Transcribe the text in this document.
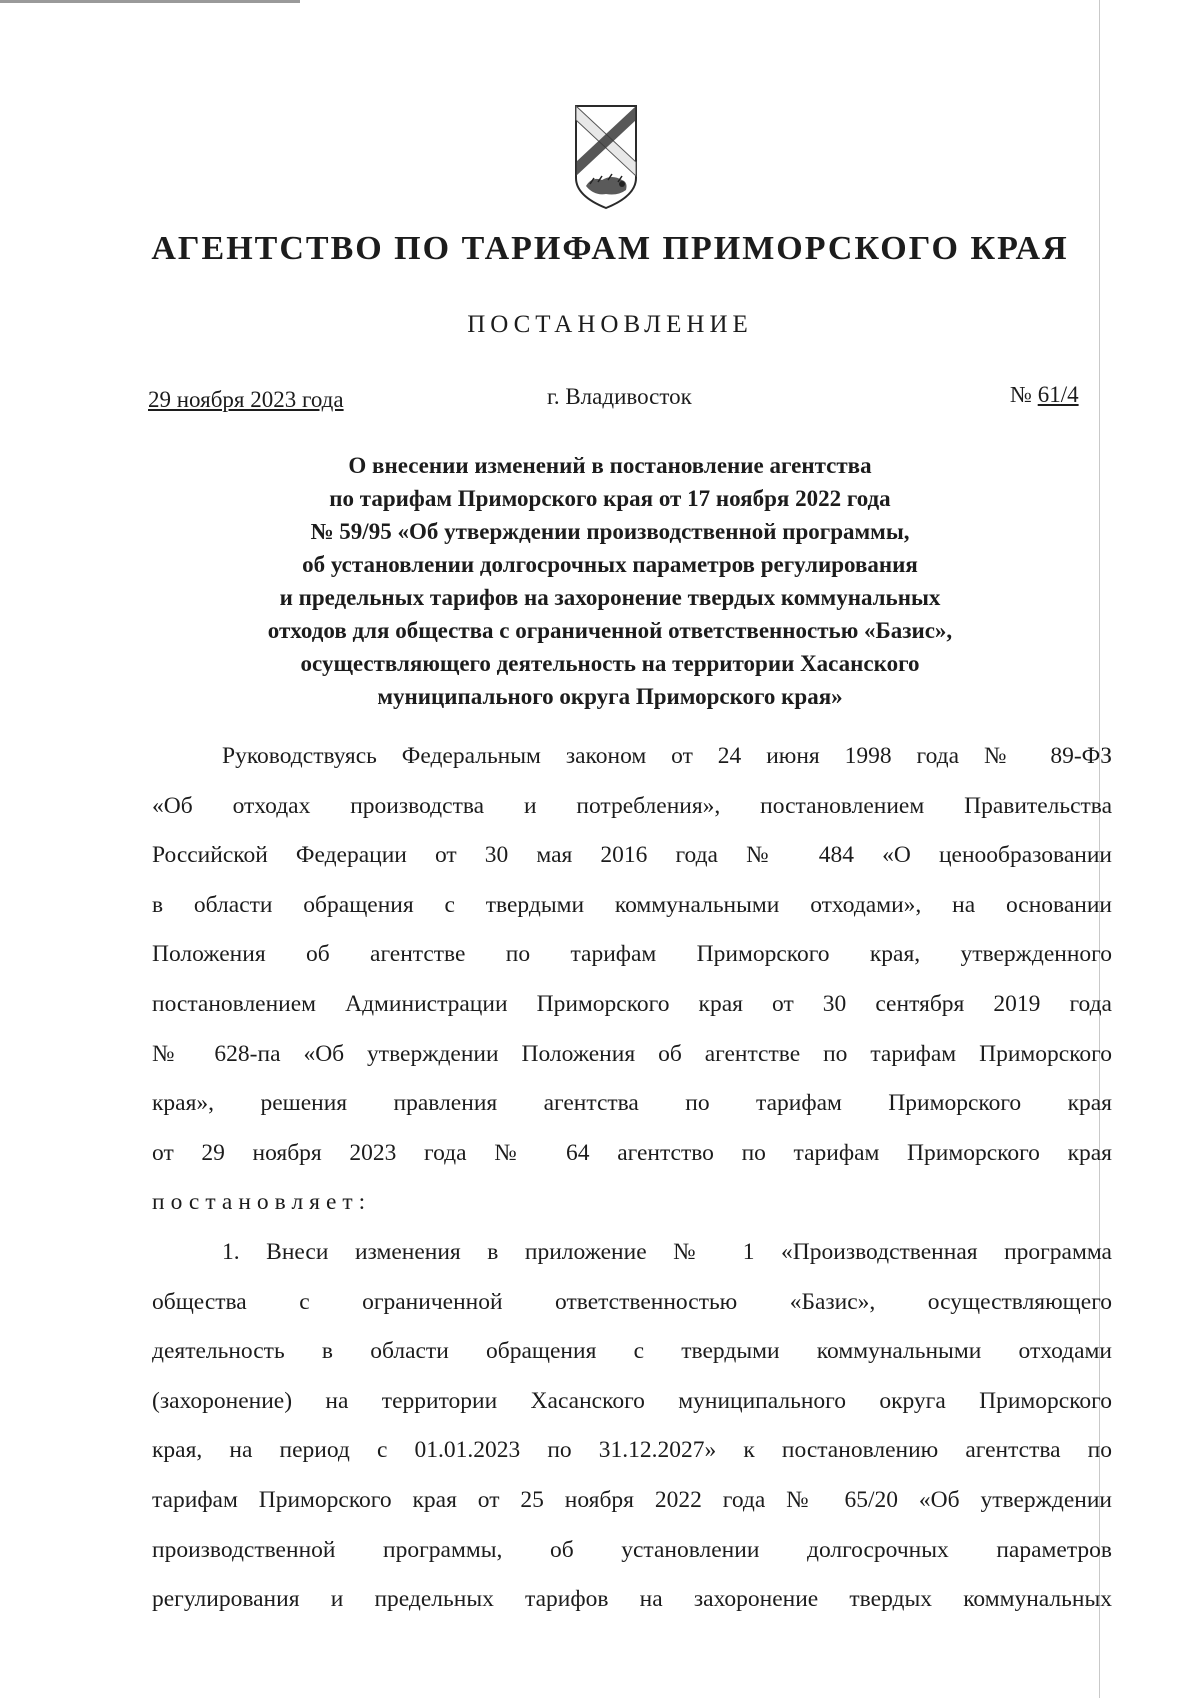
АГЕНТСТВО ПО ТАРИФАМ ПРИМОРСКОГО КРАЯ
ПОСТАНОВЛЕНИЕ
29 ноября 2023 года	г. Владивосток	№ 61/4
О внесении изменений в постановление агентства
по тарифам Приморского края от 17 ноября 2022 года
№ 59/95 «Об утверждении производственной программы,
об установлении долгосрочных параметров регулирования
и предельных тарифов на захоронение твердых коммунальных
отходов для общества с ограниченной ответственностью «Базис»,
осуществляющего деятельность на территории Хасанского
муниципального округа Приморского края»
Руководствуясь Федеральным законом от 24 июня 1998 года № 89-ФЗ
«Об отходах производства и потребления», постановлением Правительства
Российской Федерации от 30 мая 2016 года № 484 «О ценообразовании
в области обращения с твердыми коммунальными отходами», на основании
Положения об агентстве по тарифам Приморского края, утвержденного
постановлением Администрации Приморского края от 30 сентября 2019 года
№ 628-па «Об утверждении Положения об агентстве по тарифам Приморского
края», решения правления агентства по тарифам Приморского края
от 29 ноября 2023 года № 64 агентство по тарифам Приморского края
постановляет:
1. Внеси изменения в приложение № 1 «Производственная программа
общества с ограниченной ответственностью «Базис», осуществляющего
деятельность в области обращения с твердыми коммунальными отходами
(захоронение) на территории Хасанского муниципального округа Приморского
края, на период с 01.01.2023 по 31.12.2027» к постановлению агентства по
тарифам Приморского края от 25 ноября 2022 года № 65/20 «Об утверждении
производственной программы, об установлении долгосрочных параметров
регулирования и предельных тарифов на захоронение твердых коммунальных
